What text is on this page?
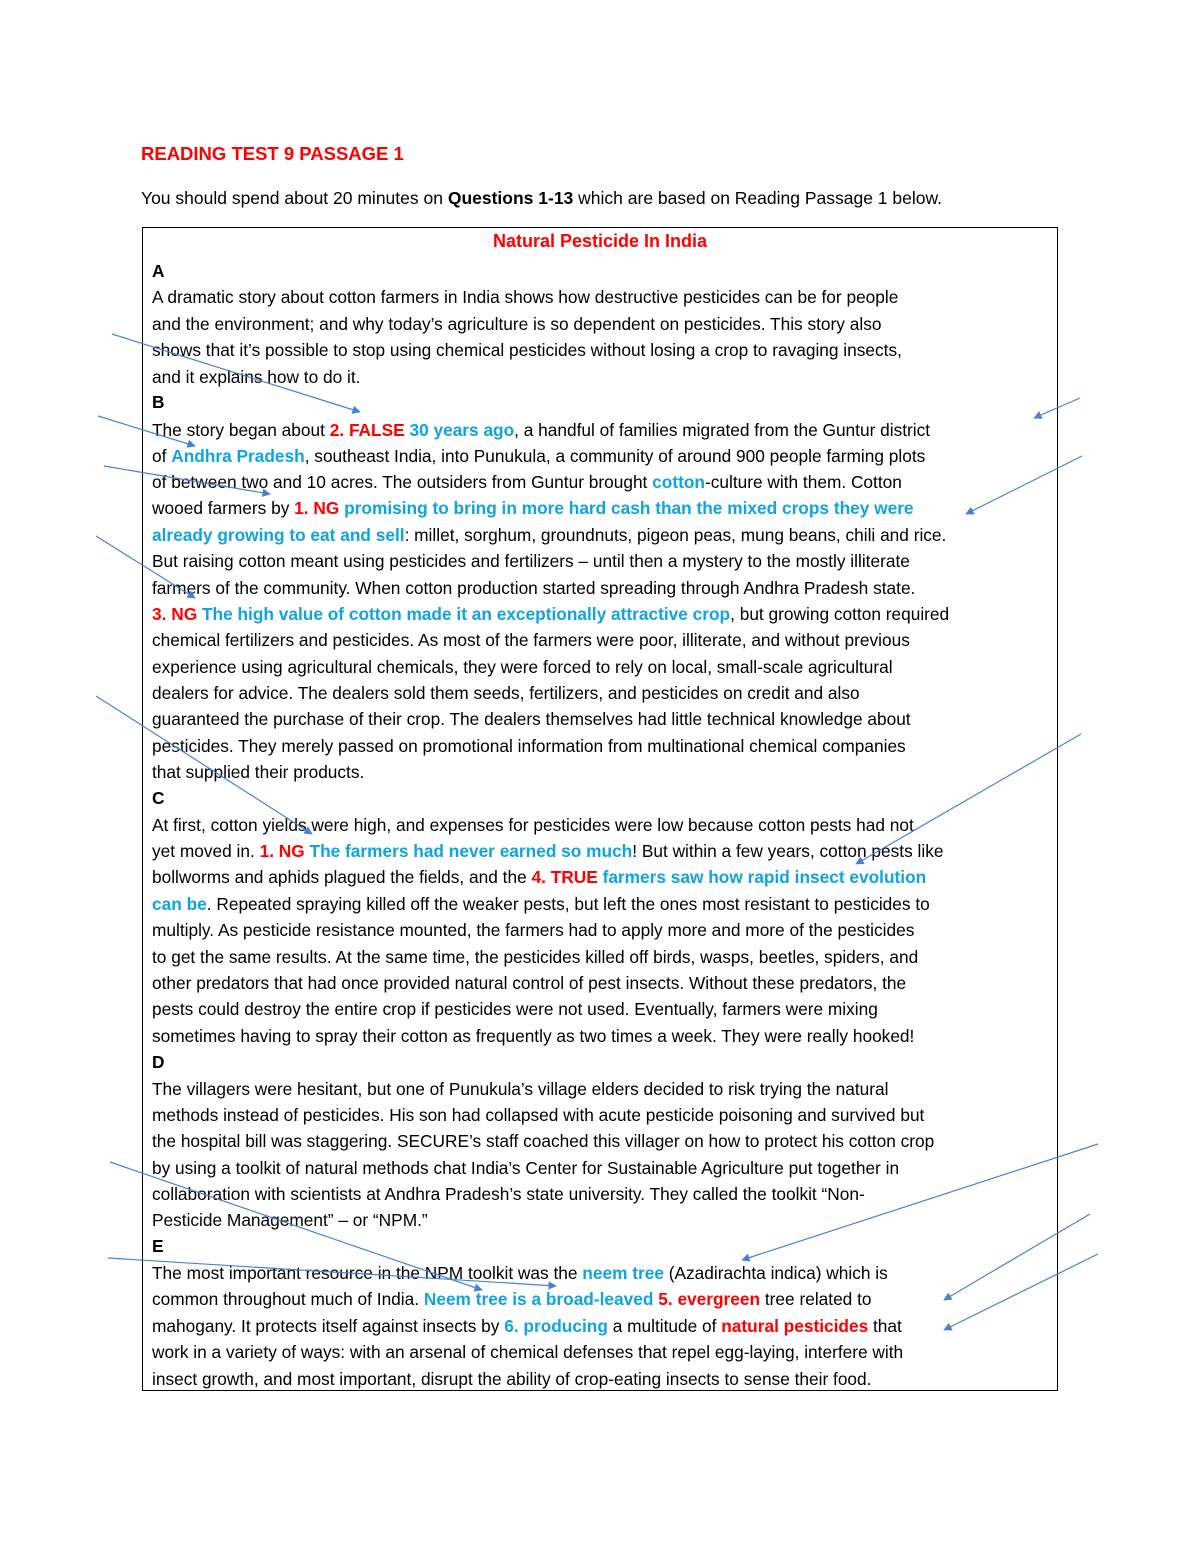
READING TEST 9 PASSAGE 1
You should spend about 20 minutes on Questions 1-13 which are based on Reading Passage 1 below.
Natural Pesticide In India
A
B
C
D
E
A dramatic story about cotton farmers in India shows how destructive pesticides can be for people
and the environment; and why today’s agriculture is so dependent on pesticides. This story also
shows that it’s possible to stop using chemical pesticides without losing a crop to ravaging insects,
and it explains how to do it.
The story began about 2. FALSE 30 years ago, a handful of families migrated from the Guntur district
of Andhra Pradesh, southeast India, into Punukula, a community of around 900 people farming plots
of between two and 10 acres. The outsiders from Guntur brought cotton-culture with them. Cotton
wooed farmers by 1. NG promising to bring in more hard cash than the mixed crops they were
already growing to eat and sell: millet, sorghum, groundnuts, pigeon peas, mung beans, chili and rice.
But raising cotton meant using pesticides and fertilizers – until then a mystery to the mostly illiterate
farmers of the community. When cotton production started spreading through Andhra Pradesh state.
3. NG The high value of cotton made it an exceptionally attractive crop, but growing cotton required
chemical fertilizers and pesticides. As most of the farmers were poor, illiterate, and without previous
experience using agricultural chemicals, they were forced to rely on local, small-scale agricultural
dealers for advice. The dealers sold them seeds, fertilizers, and pesticides on credit and also
guaranteed the purchase of their crop. The dealers themselves had little technical knowledge about
pesticides. They merely passed on promotional information from multinational chemical companies
that supplied their products.
At first, cotton yields were high, and expenses for pesticides were low because cotton pests had not
yet moved in. 1. NG The farmers had never earned so much! But within a few years, cotton pests like
bollworms and aphids plagued the fields, and the 4. TRUE farmers saw how rapid insect evolution
can be. Repeated spraying killed off the weaker pests, but left the ones most resistant to pesticides to
multiply. As pesticide resistance mounted, the farmers had to apply more and more of the pesticides
to get the same results. At the same time, the pesticides killed off birds, wasps, beetles, spiders, and
other predators that had once provided natural control of pest insects. Without these predators, the
pests could destroy the entire crop if pesticides were not used. Eventually, farmers were mixing
sometimes having to spray their cotton as frequently as two times a week. They were really hooked!
The villagers were hesitant, but one of Punukula’s village elders decided to risk trying the natural
methods instead of pesticides. His son had collapsed with acute pesticide poisoning and survived but
the hospital bill was staggering. SECURE’s staff coached this villager on how to protect his cotton crop
by using a toolkit of natural methods chat India’s Center for Sustainable Agriculture put together in
collaboration with scientists at Andhra Pradesh’s state university. They called the toolkit “Non-
Pesticide Management” – or “NPM.”
The most important resource in the NPM toolkit was the neem tree (Azadirachta indica) which is
common throughout much of India. Neem tree is a broad-leaved 5. evergreen tree related to
mahogany. It protects itself against insects by 6. producing a multitude of natural pesticides that
work in a variety of ways: with an arsenal of chemical defenses that repel egg-laying, interfere with
insect growth, and most important, disrupt the ability of crop-eating insects to sense their food.
